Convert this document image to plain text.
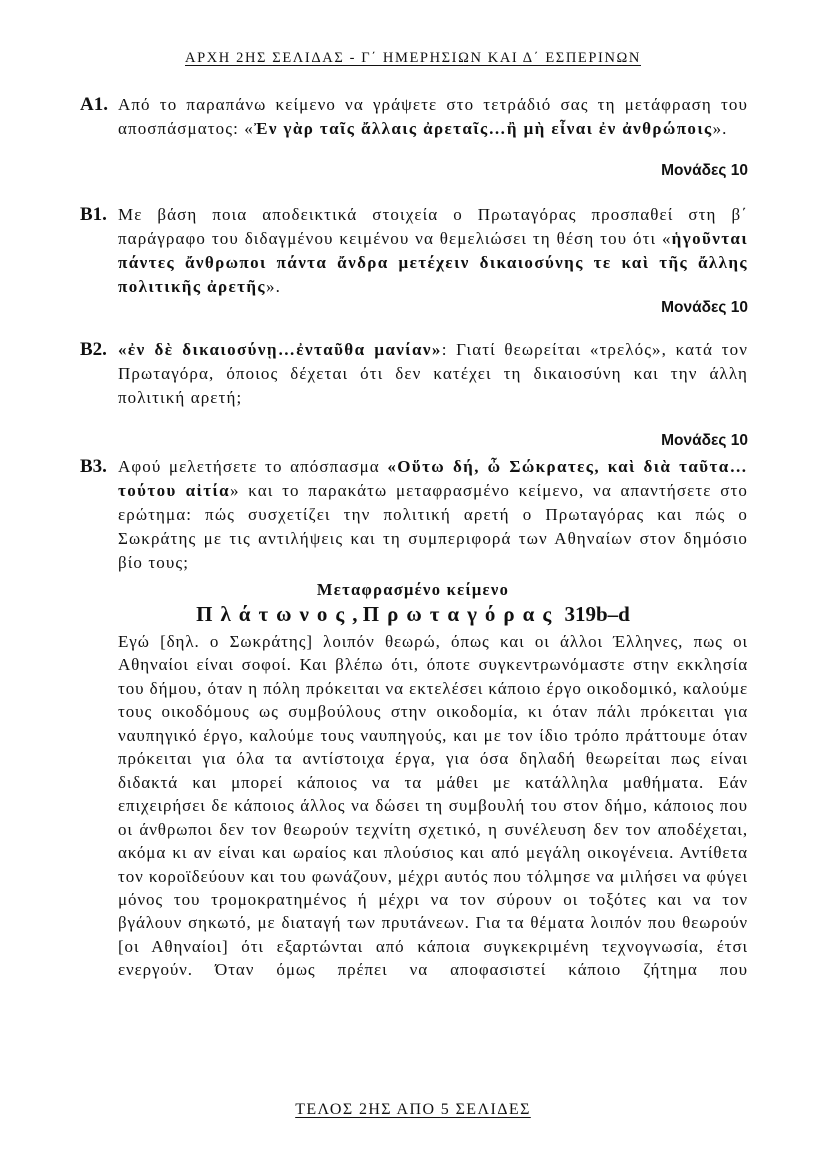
ΑΡΧΗ 2ΗΣ ΣΕΛΙΔΑΣ - Γ΄ ΗΜΕΡΗΣΙΩΝ ΚΑΙ Δ΄ ΕΣΠΕΡΙΝΩΝ
Α1. Από το παραπάνω κείμενο να γράψετε στο τετράδιό σας τη μετάφραση του αποσπάσματος: «Ἐν γὰρ ταῖς ἄλλαις ἀρεταῖς…ἢ μὴ εἶναι ἐν ἀνθρώποις».
Μονάδες 10
Β1. Με βάση ποια αποδεικτικά στοιχεία ο Πρωταγόρας προσπαθεί στη β΄ παράγραφο του διδαγμένου κειμένου να θεμελιώσει τη θέση του ότι «ἡγοῦνται πάντες ἄνθρωποι πάντα ἄνδρα μετέχειν δικαιοσύνης τε καὶ τῆς ἄλλης πολιτικῆς ἀρετῆς».
Μονάδες 10
Β2. «ἐν δὲ δικαιοσύνῃ…ἐνταῦθα μανίαν»: Γιατί θεωρείται «τρελός», κατά τον Πρωταγόρα, όποιος δέχεται ότι δεν κατέχει τη δικαιοσύνη και την άλλη πολιτική αρετή;
Μονάδες 10
Β3. Αφού μελετήσετε το απόσπασμα «Οὕτω δή, ὦ Σώκρατες, καὶ διὰ ταῦτα…τούτου αἰτία» και το παρακάτω μεταφρασμένο κείμενο, να απαντήσετε στο ερώτημα: πώς συσχετίζει την πολιτική αρετή ο Πρωταγόρας και πώς ο Σωκράτης με τις αντιλήψεις και τη συμπεριφορά των Αθηναίων στον δημόσιο βίο τους;
Μεταφρασμένο κείμενο
Πλάτωνος, Πρωταγόρας 319b–d
Εγώ [δηλ. ο Σωκράτης] λοιπόν θεωρώ, όπως και οι άλλοι Έλληνες, πως οι Αθηναίοι είναι σοφοί. Και βλέπω ότι, όποτε συγκεντρωνόμαστε στην εκκλησία του δήμου, όταν η πόλη πρόκειται να εκτελέσει κάποιο έργο οικοδομικό, καλούμε τους οικοδόμους ως συμβούλους στην οικοδομία, κι όταν πάλι πρόκειται για ναυπηγικό έργο, καλούμε τους ναυπηγούς, και με τον ίδιο τρόπο πράττουμε όταν πρόκειται για όλα τα αντίστοιχα έργα, για όσα δηλαδή θεωρείται πως είναι διδακτά και μπορεί κάποιος να τα μάθει με κατάλληλα μαθήματα. Εάν επιχειρήσει δε κάποιος άλλος να δώσει τη συμβουλή του στον δήμο, κάποιος που οι άνθρωποι δεν τον θεωρούν τεχνίτη σχετικό, η συνέλευση δεν τον αποδέχεται, ακόμα κι αν είναι και ωραίος και πλούσιος και από μεγάλη οικογένεια. Αντίθετα τον κοροϊδεύουν και του φωνάζουν, μέχρι αυτός που τόλμησε να μιλήσει να φύγει μόνος του τρομοκρατημένος ή μέχρι να τον σύρουν οι τοξότες και να τον βγάλουν σηκωτό, με διαταγή των πρυτάνεων. Για τα θέματα λοιπόν που θεωρούν [οι Αθηναίοι] ότι εξαρτώνται από κάποια συγκεκριμένη τεχνογνωσία, έτσι ενεργούν. Όταν όμως πρέπει να αποφασιστεί κάποιο ζήτημα που
ΤΕΛΟΣ 2ΗΣ ΑΠΟ 5 ΣΕΛΙΔΕΣ
